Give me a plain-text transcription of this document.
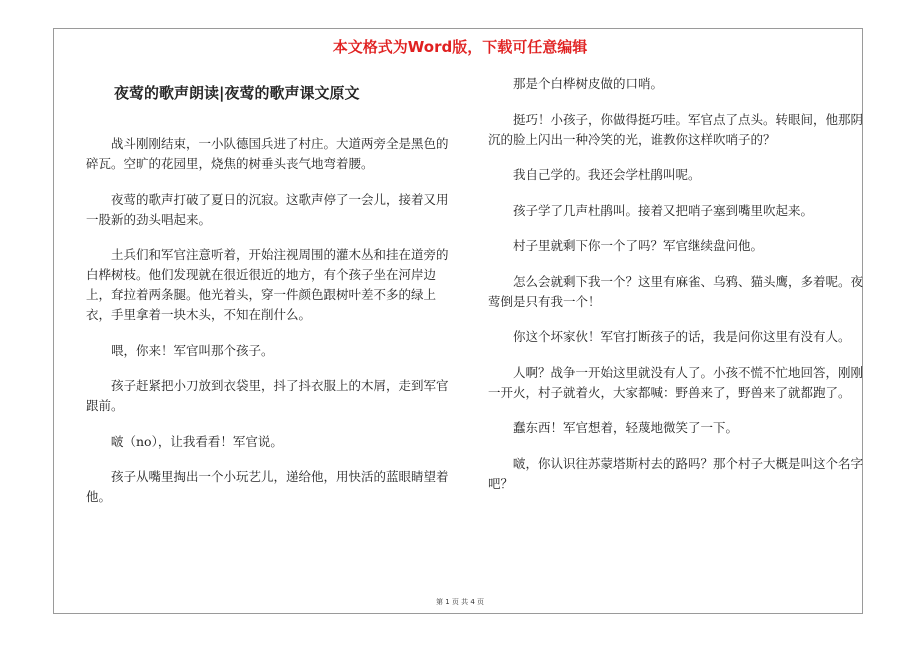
本文格式为Word版，下载可任意编辑
夜莺的歌声朗读|夜莺的歌声课文原文

战斗刚刚结束，一小队德国兵进了村庄。大道两旁全是黑色的碎瓦。空旷的花园里，烧焦的树垂头丧气地弯着腰。

夜莺的歌声打破了夏日的沉寂。这歌声停了一会儿，接着又用一股新的劲头唱起来。

土兵们和军官注意听着，开始注视周围的灌木丛和挂在道旁的白桦树枝。他们发现就在很近很近的地方，有个孩子坐在河岸边上，耷拉着两条腿。他光着头，穿一件颜色跟树叶差不多的绿上衣，手里拿着一块木头，不知在削什么。

喂，你来！军官叫那个孩子。

孩子赶紧把小刀放到衣袋里，抖了抖衣服上的木屑，走到军官跟前。

啵（no），让我看看！军官说。

孩子从嘴里掏出一个小玩艺儿，递给他，用快活的蓝眼睛望着他。

那是个白桦树皮做的口哨。

挺巧！小孩子，你做得挺巧哇。军官点了点头。转眼间，他那阴沉的脸上闪出一种冷笑的光，谁教你这样吹哨子的？

我自己学的。我还会学杜鹃叫呢。

孩子学了几声杜鹃叫。接着又把哨子塞到嘴里吹起来。

村子里就剩下你一个了吗？军官继续盘问他。

怎么会就剩下我一个？这里有麻雀、乌鸦、猫头鹰，多着呢。夜莺倒是只有我一个！

你这个坏家伙！军官打断孩子的话，我是问你这里有没有人。

人啊？战争一开始这里就没有人了。小孩不慌不忙地回答，刚刚一开火，村子就着火，大家都喊：野兽来了，野兽来了就都跑了。

蠢东西！军官想着，轻蔑地微笑了一下。

啵，你认识往苏蒙塔斯村去的路吗？那个村子大概是叫这个名字吧？

第 1 页 共 4 页
